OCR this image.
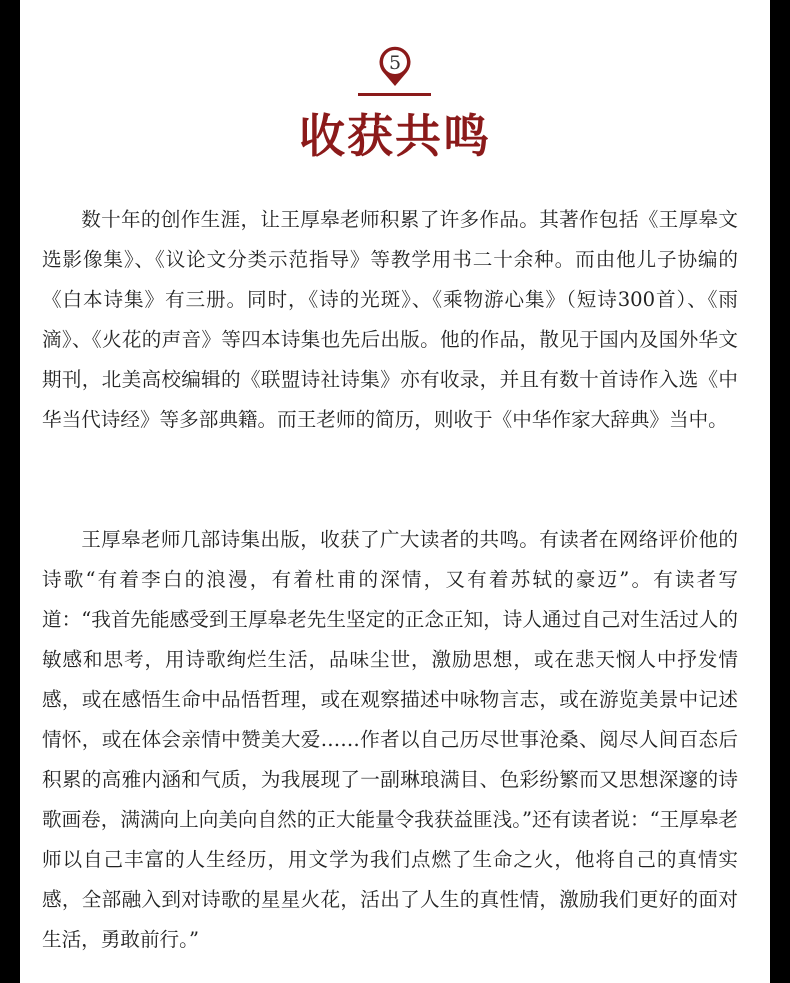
5
收获共鸣

数十年的创作生涯，让王厚皋老师积累了许多作品。其著作包括《王厚皋文选影像集》、《议论文分类示范指导》等教学用书二十余种。而由他儿子协编的《白本诗集》有三册。同时，《诗的光斑》、《乘物游心集》（短诗300首）、《雨滴》、《火花的声音》等四本诗集也先后出版。他的作品，散见于国内及国外华文期刊，北美高校编辑的《联盟诗社诗集》亦有收录，并且有数十首诗作入选《中华当代诗经》等多部典籍。而王老师的简历，则收于《中华作家大辞典》当中。

王厚皋老师几部诗集出版，收获了广大读者的共鸣。有读者在网络评价他的诗歌“有着李白的浪漫，有着杜甫的深情，又有着苏轼的豪迈”。有读者写道：“我首先能感受到王厚皋老先生坚定的正念正知，诗人通过自己对生活过人的敏感和思考，用诗歌绚烂生活，品味尘世，激励思想，或在悲天悯人中抒发情感，或在感悟生命中品悟哲理，或在观察描述中咏物言志，或在游览美景中记述情怀，或在体会亲情中赞美大爱……作者以自己历尽世事沧桑、阅尽人间百态后积累的高雅内涵和气质，为我展现了一副琳琅满目、色彩纷繁而又思想深邃的诗歌画卷，满满向上向美向自然的正大能量令我获益匪浅。”还有读者说：“王厚皋老师以自己丰富的人生经历，用文学为我们点燃了生命之火，他将自己的真情实感，全部融入到对诗歌的星星火花，活出了人生的真性情，激励我们更好的面对生活，勇敢前行。”
